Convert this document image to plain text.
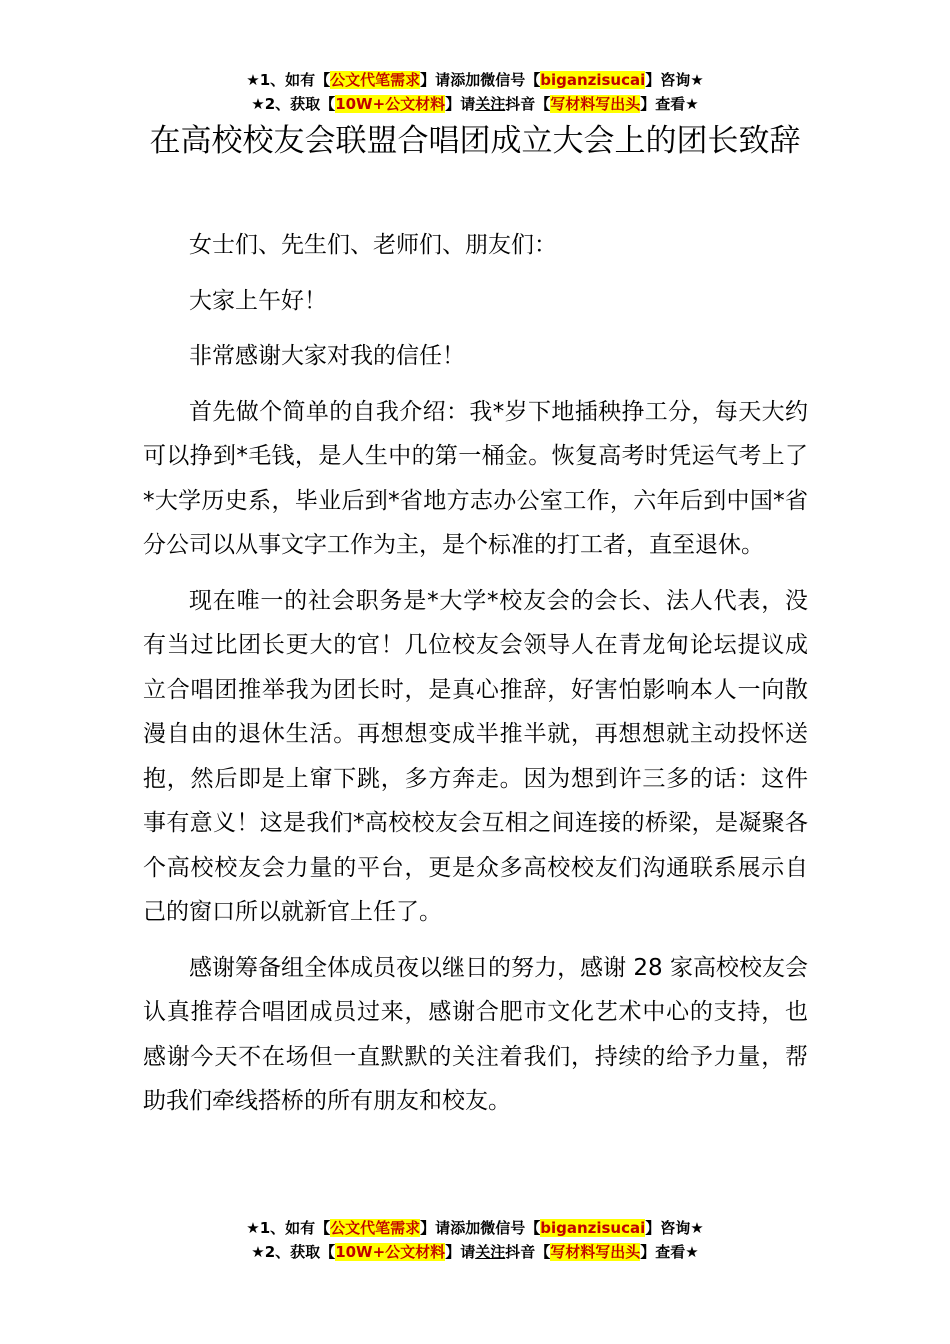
★1、如有【公文代笔需求】请添加微信号【biganzisucai】咨询★
★2、获取【10W+公文材料】请关注抖音【写材料写出头】查看★
在高校校友会联盟合唱团成立大会上的团长致辞

女士们、先生们、老师们、朋友们：

大家上午好！

非常感谢大家对我的信任！

首先做个简单的自我介绍：我*岁下地插秧挣工分，每天大约可以挣到*毛钱，是人生中的第一桶金。恢复高考时凭运气考上了*大学历史系，毕业后到*省地方志办公室工作，六年后到中国*省分公司以从事文字工作为主，是个标准的打工者，直至退休。

现在唯一的社会职务是*大学*校友会的会长、法人代表，没有当过比团长更大的官！几位校友会领导人在青龙甸论坛提议成立合唱团推举我为团长时，是真心推辞，好害怕影响本人一向散漫自由的退休生活。再想想变成半推半就，再想想就主动投怀送抱，然后即是上窜下跳，多方奔走。因为想到许三多的话：这件事有意义！这是我们*高校校友会互相之间连接的桥梁，是凝聚各个高校校友会力量的平台，更是众多高校校友们沟通联系展示自己的窗口所以就新官上任了。

感谢筹备组全体成员夜以继日的努力，感谢 28 家高校校友会认真推荐合唱团成员过来，感谢合肥市文化艺术中心的支持，也感谢今天不在场但一直默默的关注着我们，持续的给予力量，帮助我们牵线搭桥的所有朋友和校友。

★1、如有【公文代笔需求】请添加微信号【biganzisucai】咨询★
★2、获取【10W+公文材料】请关注抖音【写材料写出头】查看★
